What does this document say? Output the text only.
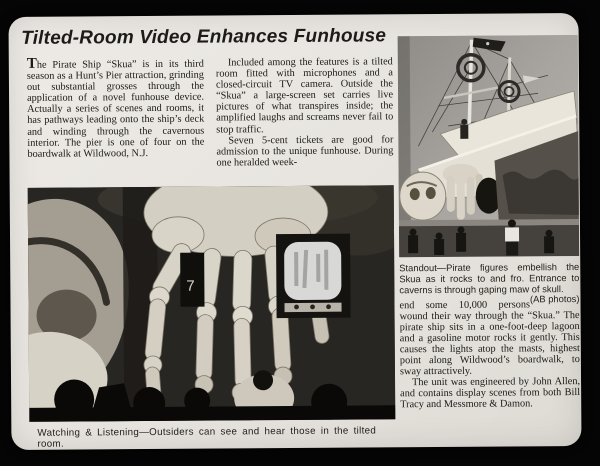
Tilted-Room Video Enhances Funhouse

The Pirate Ship “Skua” is in its third season as a Hunt’s Pier attraction, grinding out substantial grosses through the application of a novel funhouse device. Actually a series of scenes and rooms, it has pathways leading onto the ship’s deck and winding through the cavernous interior. The pier is one of four on the boardwalk at Wildwood, N.J.

Included among the features is a tilted room fitted with microphones and a closed-circuit TV camera. Outside the “Skua” a large-screen set carries live pictures of what transpires inside; the amplified laughs and screams never fail to stop traffic.

Seven 5-cent tickets are good for admission to the unique funhouse. During one heralded week-

7
Watching & Listening—Outsiders can see and hear those in the tilted room.

Standout—Pirate figures embellish the Skua as it rocks to and fro. Entrance to caverns is through gaping maw of skull.
(AB photos)

end some 10,000 persons wound their way through the “Skua.” The pirate ship sits in a one-foot-deep lagoon and a gasoline motor rocks it gently. This causes the lights atop the masts, highest point along Wildwood’s boardwalk, to sway attractively.

The unit was engineered by John Allen, and contains display scenes from both Bill Tracy and Messmore & Damon.
